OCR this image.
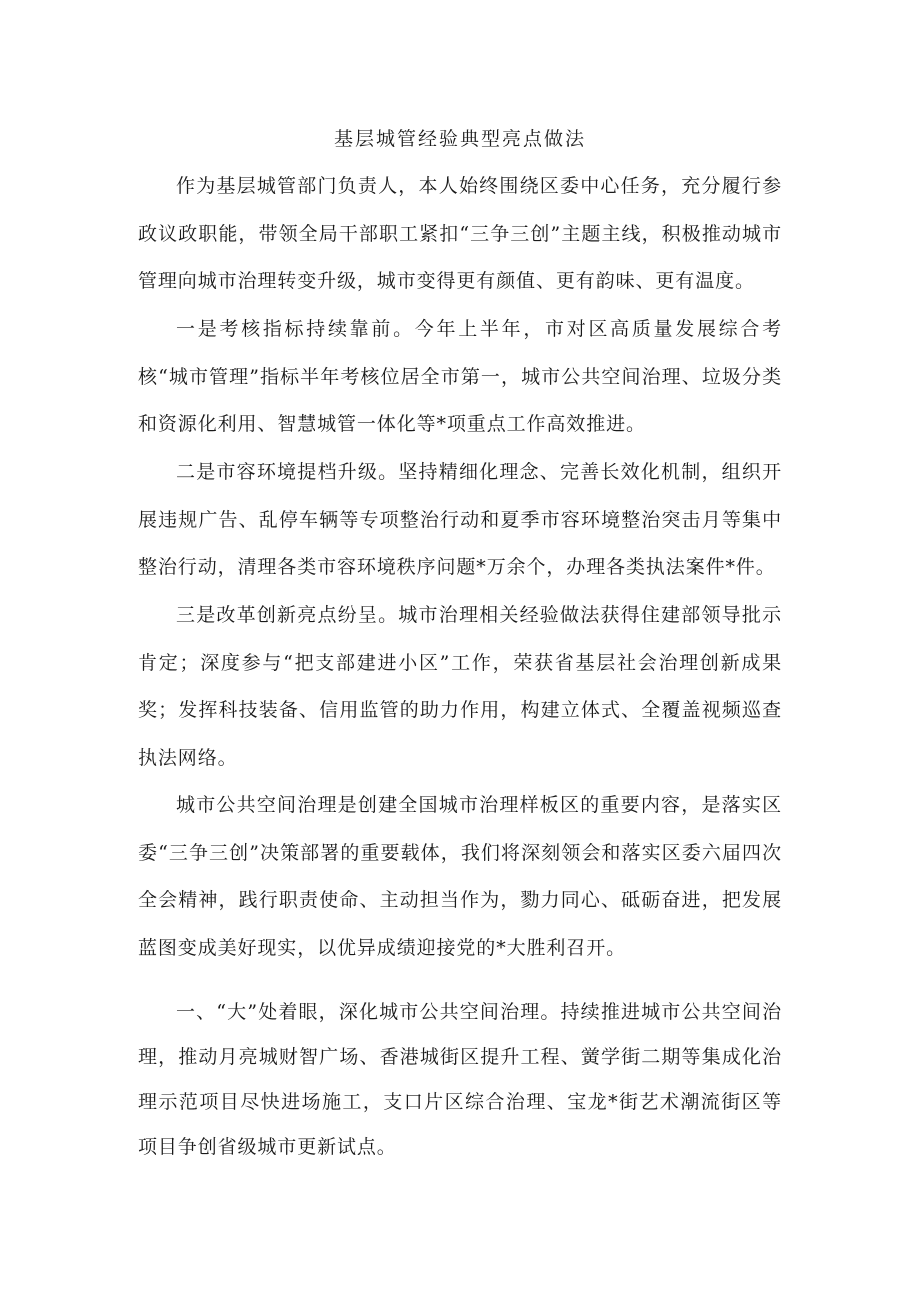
基层城管经验典型亮点做法

作为基层城管部门负责人，本人始终围绕区委中心任务，充分履行参政议政职能，带领全局干部职工紧扣“三争三创”主题主线，积极推动城市管理向城市治理转变升级，城市变得更有颜值、更有韵味、更有温度。

一是考核指标持续靠前。今年上半年，市对区高质量发展综合考核“城市管理”指标半年考核位居全市第一，城市公共空间治理、垃圾分类和资源化利用、智慧城管一体化等*项重点工作高效推进。

二是市容环境提档升级。坚持精细化理念、完善长效化机制，组织开展违规广告、乱停车辆等专项整治行动和夏季市容环境整治突击月等集中整治行动，清理各类市容环境秩序问题*万余个，办理各类执法案件*件。

三是改革创新亮点纷呈。城市治理相关经验做法获得住建部领导批示肯定；深度参与“把支部建进小区”工作，荣获省基层社会治理创新成果奖；发挥科技装备、信用监管的助力作用，构建立体式、全覆盖视频巡查执法网络。

城市公共空间治理是创建全国城市治理样板区的重要内容，是落实区委“三争三创”决策部署的重要载体，我们将深刻领会和落实区委六届四次全会精神，践行职责使命、主动担当作为，勠力同心、砥砺奋进，把发展蓝图变成美好现实，以优异成绩迎接党的*大胜利召开。

一、“大”处着眼，深化城市公共空间治理。持续推进城市公共空间治理，推动月亮城财智广场、香港城街区提升工程、黉学街二期等集成化治理示范项目尽快进场施工，支口片区综合治理、宝龙*街艺术潮流街区等项目争创省级城市更新试点。
